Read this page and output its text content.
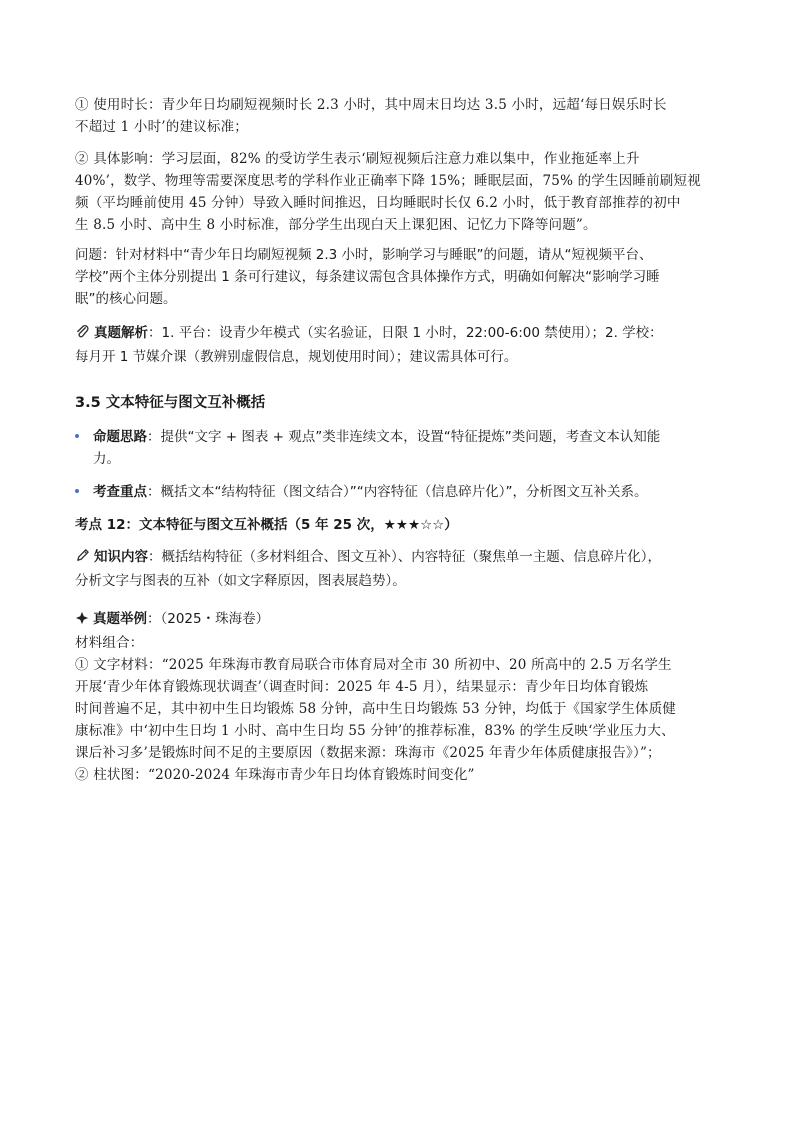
① 使用时长：青少年日均刷短视频时长 2.3 小时，其中周末日均达 3.5 小时，远超‘每日娱乐时长
不超过 1 小时’的建议标准；
② 具体影响：学习层面，82% 的受访学生表示‘刷短视频后注意力难以集中，作业拖延率上升
40%’，数学、物理等需要深度思考的学科作业正确率下降 15%；睡眠层面，75% 的学生因睡前刷短视
频（平均睡前使用 45 分钟）导致入睡时间推迟，日均睡眠时长仅 6.2 小时，低于教育部推荐的初中
生 8.5 小时、高中生 8 小时标准，部分学生出现白天上课犯困、记忆力下降等问题”。
问题：针对材料中“青少年日均刷短视频 2.3 小时，影响学习与睡眠”的问题，请从“短视频平台、
学校”两个主体分别提出 1 条可行建议，每条建议需包含具体操作方式，明确如何解决“影响学习睡
眠”的核心问题。
真题解析：1. 平台：设青少年模式（实名验证，日限 1 小时，22:00-6:00 禁使用）；2. 学校：
每月开 1 节媒介课（教辨别虚假信息，规划使用时间）；建议需具体可行。
3.5 文本特征与图文互补概括
命题思路：提供“文字 + 图表 + 观点”类非连续文本，设置“特征提炼”类问题，考查文本认知能
力。
考查重点：概括文本“结构特征（图文结合）”“内容特征（信息碎片化）”，分析图文互补关系。
考点 12：文本特征与图文互补概括（5 年 25 次，★★★☆☆）
知识内容：概括结构特征（多材料组合、图文互补）、内容特征（聚焦单一主题、信息碎片化），
分析文字与图表的互补（如文字释原因，图表展趋势）。
真题举例：（2025・珠海卷）
材料组合：
① 文字材料：“2025 年珠海市教育局联合市体育局对全市 30 所初中、20 所高中的 2.5 万名学生
开展‘青少年体育锻炼现状调查’（调查时间：2025 年 4-5 月），结果显示：青少年日均体育锻炼
时间普遍不足，其中初中生日均锻炼 58 分钟，高中生日均锻炼 53 分钟，均低于《国家学生体质健
康标准》中‘初中生日均 1 小时、高中生日均 55 分钟’的推荐标准，83% 的学生反映‘学业压力大、
课后补习多’是锻炼时间不足的主要原因（数据来源：珠海市《2025 年青少年体质健康报告》）”；
② 柱状图：“2020-2024 年珠海市青少年日均体育锻炼时间变化”
